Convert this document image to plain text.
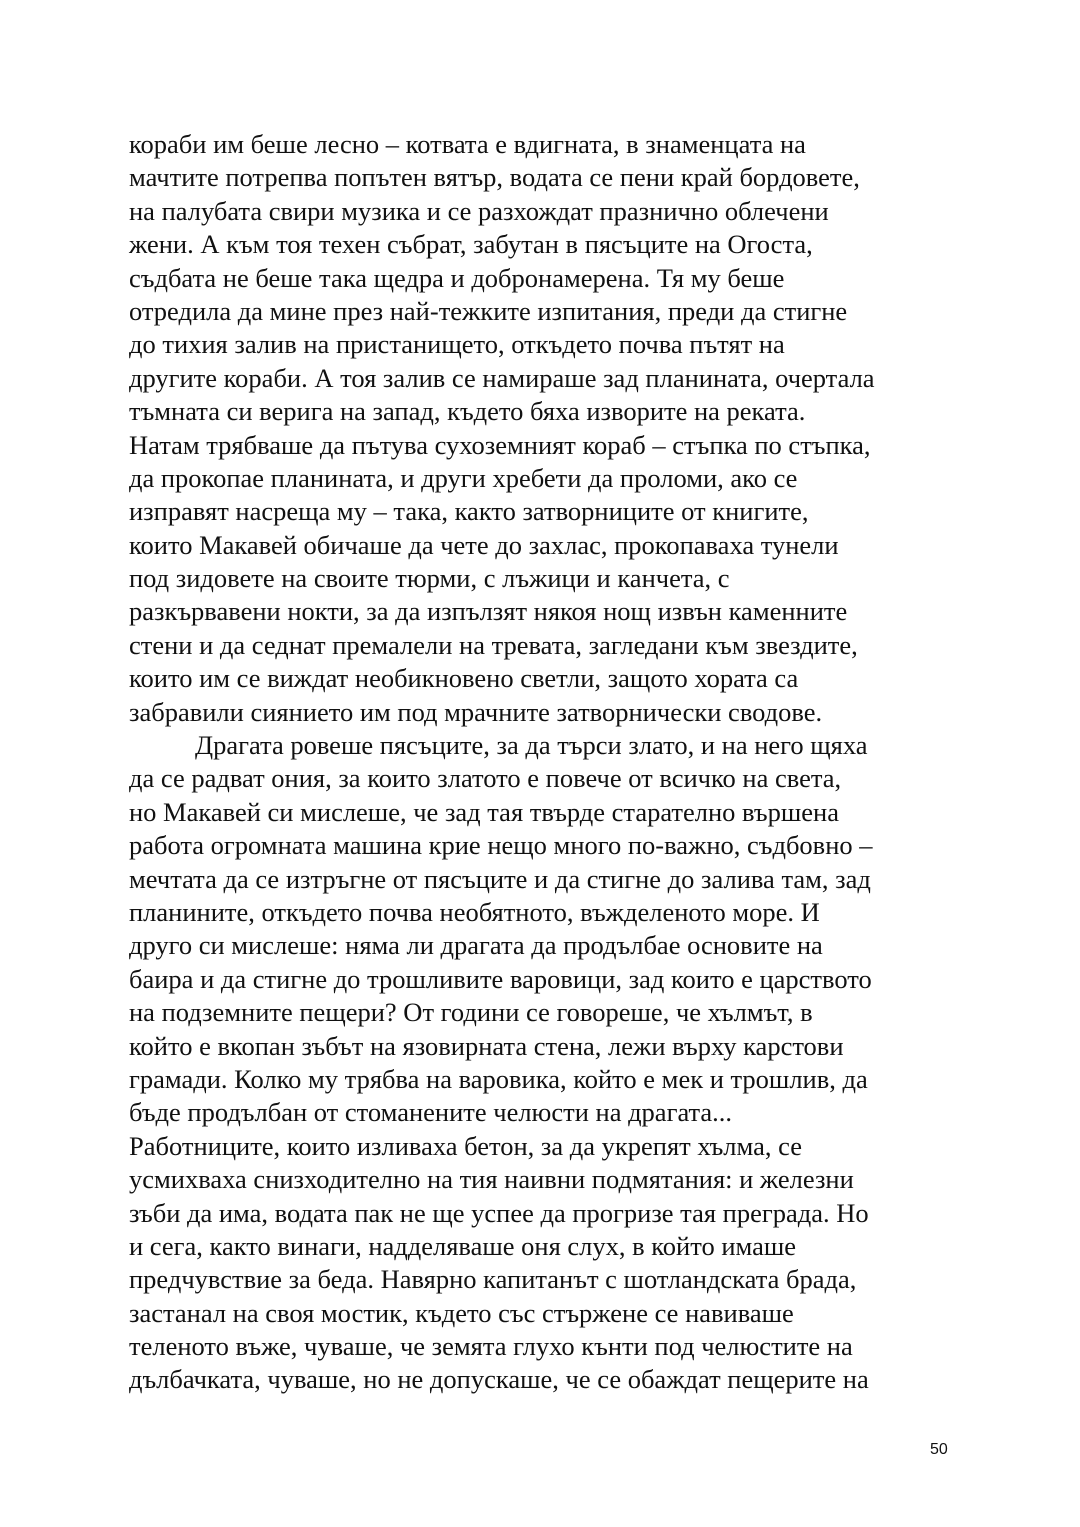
кораби им беше лесно – котвата е вдигната, в знаменцата на
мачтите потрепва попътен вятър, водата се пени край бордовете,
на палубата свири музика и се разхождат празнично облечени
жени. А към тоя техен събрат, забутан в пясъците на Огоста,
съдбата не беше така щедра и добронамерена. Тя му беше
отредила да мине през най-тежките изпитания, преди да стигне
до тихия залив на пристанището, откъдето почва пътят на
другите кораби. А тоя залив се намираше зад планината, очертала
тъмната си верига на запад, където бяха изворите на реката.
Натам трябваше да пътува сухоземният кораб – стъпка по стъпка,
да прокопае планината, и други хребети да проломи, ако се
изправят насреща му – така, както затворниците от книгите,
които Макавей обичаше да чете до захлас, прокопаваха тунели
под зидовете на своите тюрми, с лъжици и канчета, с
разкървавени нокти, за да изпълзят някоя нощ извън каменните
стени и да седнат премалели на тревата, загледани към звездите,
които им се виждат необикновено светли, защото хората са
забравили сиянието им под мрачните затворнически сводове.
Драгата ровеше пясъците, за да търси злато, и на него щяха
да се радват ония, за които златото е повече от всичко на света,
но Макавей си мислеше, че зад тая твърде старателно вършена
работа огромната машина крие нещо много по-важно, съдбовно –
мечтата да се изтръгне от пясъците и да стигне до залива там, зад
планините, откъдето почва необятното, въжделеното море. И
друго си мислеше: няма ли драгата да продълбае основите на
баира и да стигне до трошливите варовици, зад които е царството
на подземните пещери? От години се говореше, че хълмът, в
който е вкопан зъбът на язовирната стена, лежи върху карстови
грамади. Колко му трябва на варовика, който е мек и трошлив, да
бъде продълбан от стоманените челюсти на драгата...
Работниците, които изливаха бетон, за да укрепят хълма, се
усмихваха снизходително на тия наивни подмятания: и железни
зъби да има, водата пак не ще успее да прогризе тая преграда. Но
и сега, както винаги, надделяваше оня слух, в който имаше
предчувствие за беда. Навярно капитанът с шотландската брада,
застанал на своя мостик, където със стържене се навиваше
теленото въже, чуваше, че земята глухо кънти под челюстите на
дълбачката, чуваше, но не допускаше, че се обаждат пещерите на
50
